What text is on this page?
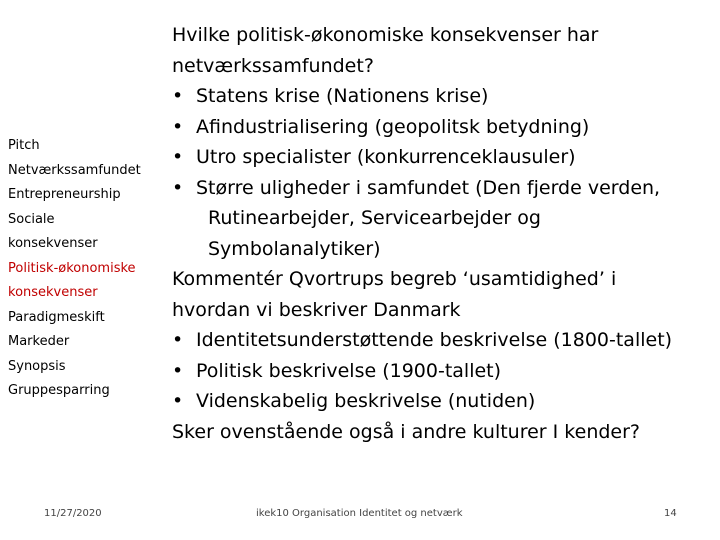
Pitch
Netværkssamfundet
Entrepreneurship
Sociale
konsekvenser
Politisk-økonomiske
konsekvenser
Paradigmeskift
Markeder
Synopsis
Gruppesparring
Hvilke politisk-økonomiske konsekvenser har
netværkssamfundet?
• Statens krise (Nationens krise)
• Afindustrialisering (geopolitsk betydning)
• Utro specialister (konkurrenceklausuler)
• Større uligheder i samfundet (Den fjerde verden,
Rutinearbejder, Servicearbejder og
Symbolanalytiker)
Kommentér Qvortrups begreb ‘usamtidighed’ i
hvordan vi beskriver Danmark
• Identitetsunderstøttende beskrivelse (1800-tallet)
• Politisk beskrivelse (1900-tallet)
• Videnskabelig beskrivelse (nutiden)
Sker ovenstående også i andre kulturer I kender?
11/27/2020	ikek10 Organisation Identitet og netværk	14
